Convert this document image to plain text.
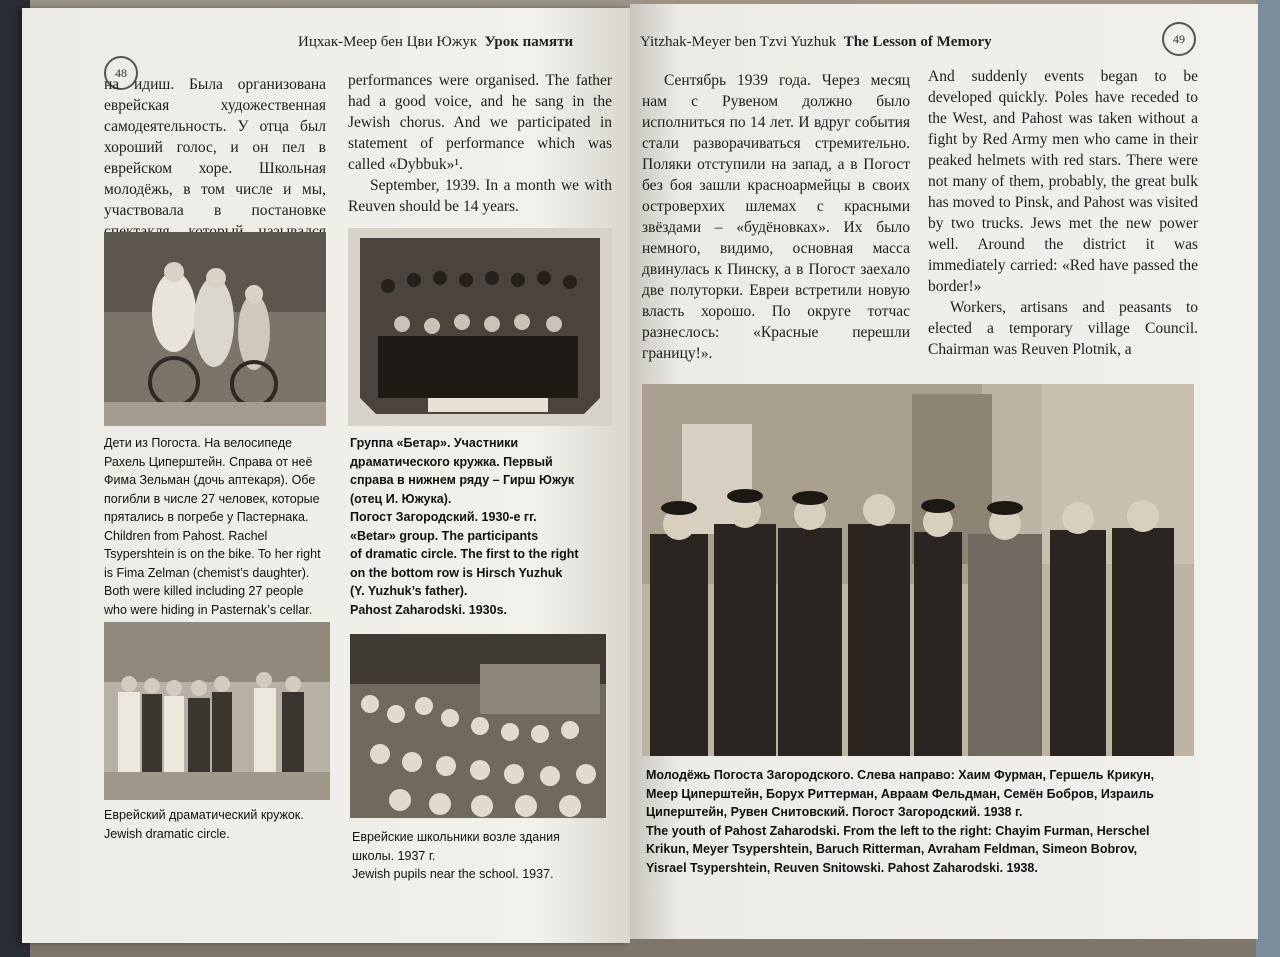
48
Ицхак-Меер бен Цви Южук Урок памяти

на идиш. Была организована еврейская художественная самодеятельность. У отца был хороший голос, и он пел в еврейском хоре. Школьная молодёжь, в том числе и мы, участвовала в постановке

performances were organised. The father had a good voice, and he sang in the Jewish chorus. And we participated in statement of performance which was called «Dybbuk»¹.

September, 1939. In a month we with Reuven should be 14 years.

Дети из Погоста. На велосипеде
Рахель Циперштейн. Справа от неё
Фима Зельман (дочь аптекаря). Обе
погибли в числе 27 человек, которые
прятались в погребе у Пастернака.
Children from Pahost. Rachel
Tsypershtein is on the bike. To her right
is Fima Zelman (chemist’s daughter).
Both were killed including 27 people
who were hiding in Pasternak’s cellar.
Группа «Бетар». Участники
драматического кружка. Первый
справа в нижнем ряду – Гирш Южук
(отец И. Южука).
Погост Загородский. 1930-е гг.
«Betar» group. The participants
of dramatic circle. The first to the right
on the bottom row is Hirsch Yuzhuk
(Y. Yuzhuk’s father).
Pahost Zaharodski. 1930s.
Еврейский драматический кружок.
Jewish dramatic circle.	Еврейские школьники возле здания
школы. 1937 г.
Jewish pupils near the school. 1937.
Yitzhak-Meyer ben Tzvi Yuzhuk The Lesson of Memory	49

Сентябрь 1939 года. Через месяц нам с Рувеном должно было исполниться по 14 лет. И вдруг события стали разворачиваться стремительно. Поляки отступили на запад, а в Погост без боя зашли красноармейцы в своих островерхих шлемах с красными звёздами – «будёновках». Их было немного, видимо, основная масса двинулась к Пинску, а в Погост заехало две полуторки. Евреи встретили новую власть хорошо. По округе тотчас разнеслось: «Красные перешли границу!».

And suddenly events began to be developed quickly. Poles have receded to the West, and Pahost was taken without a fight by Red Army men who came in their peaked helmets with red stars. There were not many of them, probably, the great bulk has moved to Pinsk, and Pahost was visited by two trucks. Jews met the new power well. Around the district it was immediately carried: «Red have passed the border!»

Workers, artisans and peasants to elected a temporary village Council. Chairman was Reuven Plotnik, a

Молодёжь Погоста Загородского. Слева направо: Хаим Фурман, Гершель Крикун,
Меер Циперштейн, Борух Риттерман, Авраам Фельдман, Семён Бобров, Израиль
Циперштейн, Рувен Снитовский. Погост Загородский. 1938 г.
The youth of Pahost Zaharodski. From the left to the right: Chayim Furman, Herschel
Krikun, Meyer Tsypershtein, Baruch Ritterman, Avraham Feldman, Simeon Bobrov,
Yisrael Tsypershtein, Reuven Snitowski. Pahost Zaharodski. 1938.
